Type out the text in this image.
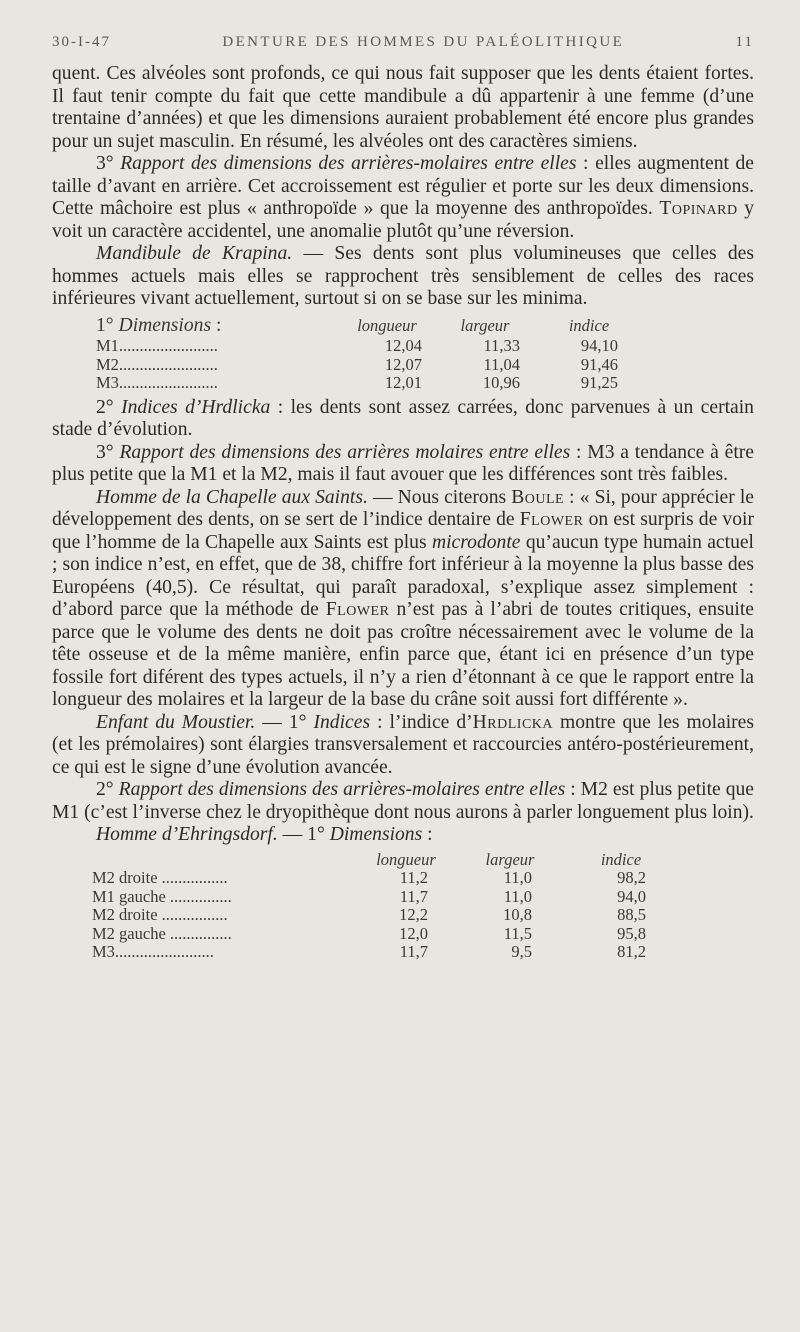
30-I-47	DENTURE DES HOMMES DU PALÉOLITHIQUE	11

quent. Ces alvéoles sont profonds, ce qui nous fait supposer que les dents étaient fortes. Il faut tenir compte du fait que cette mandibule a dû appartenir à une femme (d’une trentaine d’années) et que les dimensions auraient probablement été encore plus grandes pour un sujet masculin. En résumé, les alvéoles ont des caractères simiens.

3° Rapport des dimensions des arrières-molaires entre elles : elles augmentent de taille d’avant en arrière. Cet accroissement est régulier et porte sur les deux dimensions. Cette mâchoire est plus « anthropoïde » que la moyenne des anthropoïdes. Topinard y voit un caractère accidentel, une anomalie plutôt qu’une réversion.

Mandibule de Krapina. — Ses dents sont plus volumineuses que celles des hommes actuels mais elles se rapprochent très sensiblement de celles des races inférieures vivant actuellement, surtout si on se base sur les minima.

1° Dimensions :	longueur	largeur	indice
M1........................	12,04	11,33	94,10
M2........................	12,07	11,04	91,46
M3........................	12,01	10,96	91,25

2° Indices d’Hrdlicka : les dents sont assez carrées, donc parvenues à un certain stade d’évolution.

3° Rapport des dimensions des arrières molaires entre elles : M3 a tendance à être plus petite que la M1 et la M2, mais il faut avouer que les différences sont très faibles.

Homme de la Chapelle aux Saints. — Nous citerons Boule : « Si, pour apprécier le développement des dents, on se sert de l’indice dentaire de Flower on est surpris de voir que l’homme de la Chapelle aux Saints est plus microdonte qu’aucun type humain actuel ; son indice n’est, en effet, que de 38, chiffre fort inférieur à la moyenne la plus basse des Européens (40,5). Ce résultat, qui paraît paradoxal, s’explique assez simplement : d’abord parce que la méthode de Flower n’est pas à l’abri de toutes critiques, ensuite parce que le volume des dents ne doit pas croître nécessairement avec le volume de la tête osseuse et de la même manière, enfin parce que, étant ici en présence d’un type fossile fort diférent des types actuels, il n’y a rien d’étonnant à ce que le rapport entre la longueur des molaires et la largeur de la base du crâne soit aussi fort différente ».

Enfant du Moustier. — 1° Indices : l’indice d’Hrdlicka montre que les molaires (et les prémolaires) sont élargies transversalement et raccourcies antéro-postérieurement, ce qui est le signe d’une évolution avancée.

2° Rapport des dimensions des arrières-molaires entre elles : M2 est plus petite que M1 (c’est l’inverse chez le dryopithèque dont nous aurons à parler longuement plus loin).

Homme d’Ehringsdorf. — 1° Dimensions :

	longueur	largeur	indice
M2 droite ................	11,2	11,0	98,2
M1 gauche ...............	11,7	11,0	94,0
M2 droite ................	12,2	10,8	88,5
M2 gauche ...............	12,0	11,5	95,8
M3........................	11,7	9,5	81,2
